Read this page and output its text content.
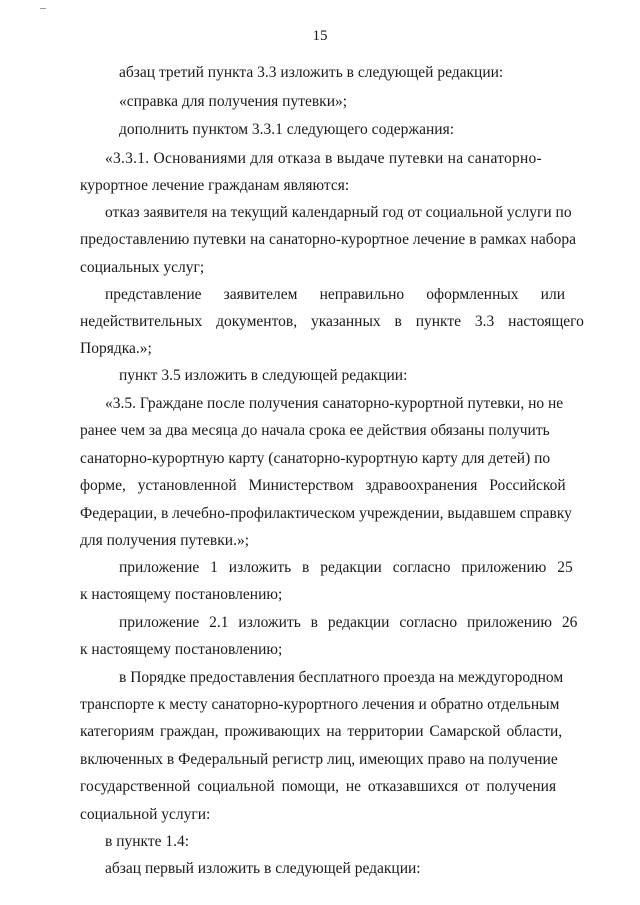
15
абзац третий пункта 3.3 изложить в следующей редакции:
«справка для получения путевки»;
дополнить пунктом 3.3.1 следующего содержания:
«3.3.1. Основаниями для отказа в выдаче путевки на санаторно-
курортное лечение гражданам являются:
отказ заявителя на текущий календарный год от социальной услуги по
предоставлению путевки на санаторно-курортное лечение в рамках набора
социальных услуг;
представление заявителем неправильно оформленных или
недействительных документов, указанных в пункте 3.3 настоящего
Порядка.»;
пункт 3.5 изложить в следующей редакции:
«3.5. Граждане после получения санаторно-курортной путевки, но не
ранее чем за два месяца до начала срока ее действия обязаны получить
санаторно-курортную карту (санаторно-курортную карту для детей) по
форме, установленной Министерством здравоохранения Российской
Федерации, в лечебно-профилактическом учреждении, выдавшем справку
для получения путевки.»;
приложение 1 изложить в редакции согласно приложению 25
к настоящему постановлению;
приложение 2.1 изложить в редакции согласно приложению 26
к настоящему постановлению;
в Порядке предоставления бесплатного проезда на междугородном
транспорте к месту санаторно-курортного лечения и обратно отдельным
категориям граждан, проживающих на территории Самарской области,
включенных в Федеральный регистр лиц, имеющих право на получение
государственной социальной помощи, не отказавшихся от получения
социальной услуги:
в пункте 1.4:
абзац первый изложить в следующей редакции:
